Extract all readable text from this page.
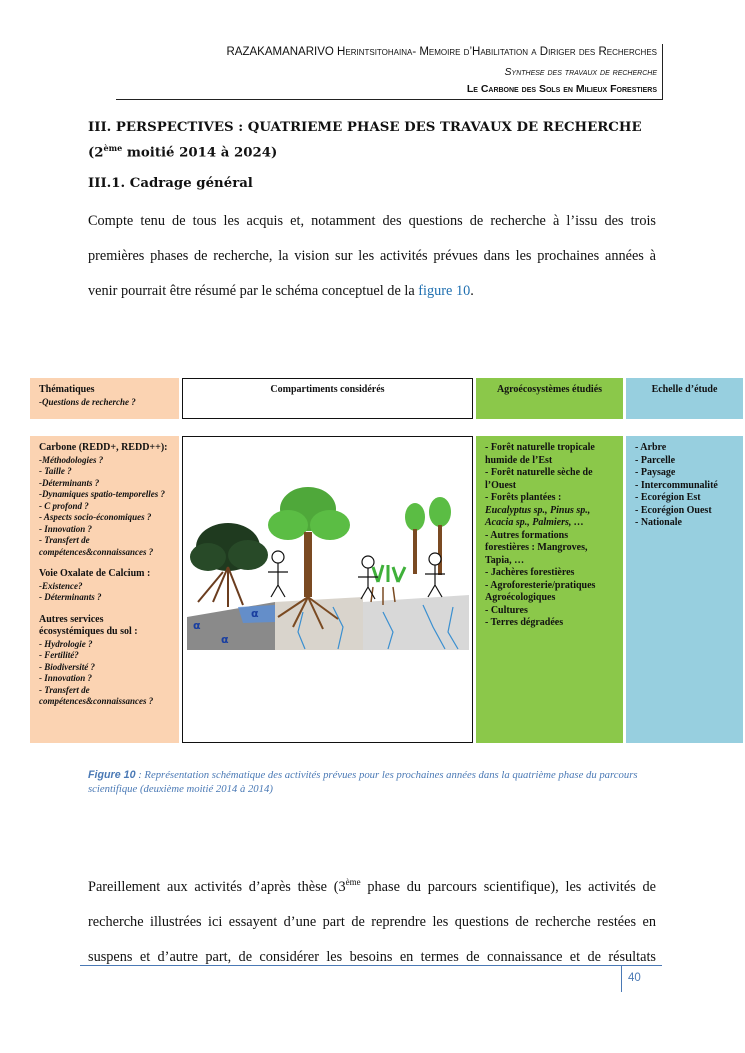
RAZAKAMANARIVO Herintsitohaina- Memoire d’Habilitation a Diriger des Recherches
Synthese des travaux de recherche
Le Carbone des Sols en Milieux Forestiers
III. PERSPECTIVES : QUATRIEME PHASE DES TRAVAUX DE RECHERCHE (2ème moitié 2014 à 2024)
III.1. Cadrage général
Compte tenu de tous les acquis et, notamment des questions de recherche à l’issu des trois
premières phases de recherche, la vision sur les activités prévues dans les prochaines années à
venir pourrait être résumé par le schéma conceptuel de la figure 10.
Thématiques
-Questions de recherche ?
Compartiments considérés	Agroécosystèmes étudiés	Echelle d’étude
Carbone (REDD+, REDD++):
-Méthodologies ?
- Taille ?
-Déterminants ?
-Dynamiques spatio-temporelles ?
- C profond ?
- Aspects socio-économiques ?
- Innovation ?
- Transfert de compétences&connaissances ?
Voie Oxalate de Calcium :
-Existence?
- Déterminants ?
Autres services écosystémiques du sol :
- Hydrologie ?
- Fertilité?
- Biodiversité ?
- Innovation ?
- Transfert de compétences&connaissances ?
α
α
α
- Forêt naturelle tropicale humide de l’Est
- Forêt naturelle sèche de l’Ouest
- Forêts plantées :
Eucalyptus sp., Pinus sp., Acacia sp., Palmiers, …
- Autres formations forestières : Mangroves, Tapia, …
- Jachères forestières
- Agroforesterie/pratiques Agroécologiques
- Cultures
- Terres dégradées
- Arbre
- Parcelle
- Paysage
- Intercommunalité
- Ecorégion Est
- Ecorégion Ouest
- Nationale
Figure 10 : Représentation schématique des activités prévues pour les prochaines années dans la quatrième phase du parcours scientifique (deuxième moitié 2014 à 2014)
Pareillement aux activités d’après thèse (3ème phase du parcours scientifique), les activités de
recherche illustrées ici essayent d’une part de reprendre les questions de recherche restées en
suspens et d’autre part, de considérer les besoins en termes de connaissance et de résultats
40
